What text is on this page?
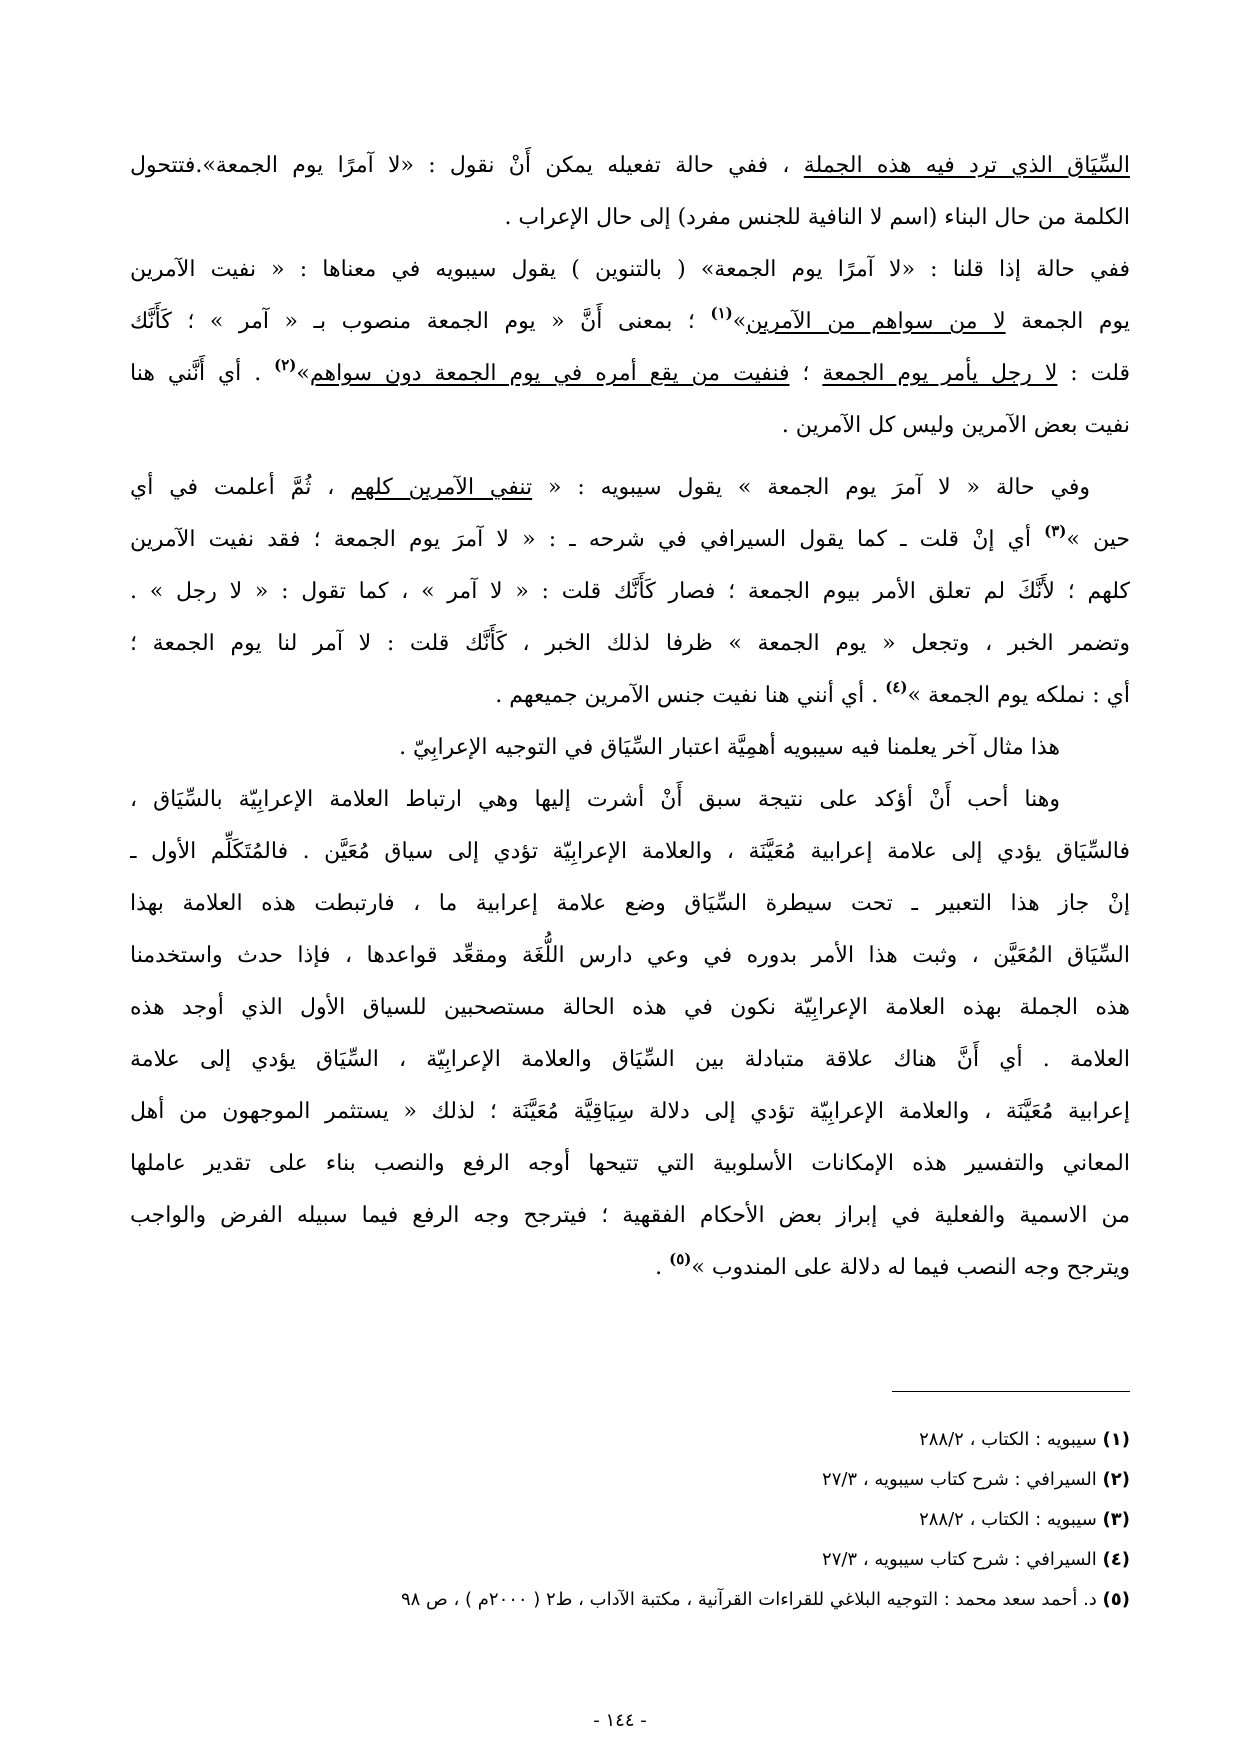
السِّيَاق الذي ترد فيه هذه الجملة ، ففي حالة تفعيله يمكن أَنْ نقول : «لا آمرًا يوم الجمعة».فتتحول
الكلمة من حال البناء (اسم لا النافية للجنس مفرد) إلى حال الإعراب .
ففي حالة إذا قلنا : «لا آمرًا يوم الجمعة» ( بالتنوين ) يقول سيبويه في معناها : « نفيت الآمرين
يوم الجمعة لا من سواهم من الآمرين»$^{(١)}$ ؛ بمعنى أَنَّ « يوم الجمعة منصوب بـ « آمر » ؛ كَأَنَّك
قلت : لا رجل يأمر يوم الجمعة ؛ فنفيت من يقع أمره في يوم الجمعة دون سواهم»$^{(٢)}$ . أي أَنَّني هنا
نفيت بعض الآمرين وليس كل الآمرين .
وفي حالة « لا آمرَ يوم الجمعة » يقول سيبويه : « تنفي الآمرين كلهم ، ثُمَّ أعلمت في أي
حين »$^{(٣)}$ أي إنْ قلت ـ كما يقول السيرافي في شرحه ـ : « لا آمرَ يوم الجمعة ؛ فقد نفيت الآمرين
كلهم ؛ لأَنَّكَ لم تعلق الأمر بيوم الجمعة ؛ فصار كَأَنَّك قلت : « لا آمر » ، كما تقول : « لا رجل » .
وتضمر الخبر ، وتجعل « يوم الجمعة » ظرفا لذلك الخبر ، كَأَنَّك قلت : لا آمر لنا يوم الجمعة ؛
أي : نملكه يوم الجمعة »$^{(٤)}$ . أي أنني هنا نفيت جنس الآمرين جميعهم .
هذا مثال آخر يعلمنا فيه سيبويه أهمِيَّة اعتبار السِّيَاق في التوجيه الإعرابِيّ .
وهنا أحب أَنْ أؤكد على نتيجة سبق أَنْ أشرت إليها وهي ارتباط العلامة الإعرابِيّة بالسِّيَاق ،
فالسِّيَاق يؤدي إلى علامة إعرابية مُعَيَّنَة ، والعلامة الإعرابِيّة تؤدي إلى سياق مُعَيَّن . فالمُتَكَلِّم الأول ـ
إنْ جاز هذا التعبير ـ تحت سيطرة السِّيَاق وضع علامة إعرابية ما ، فارتبطت هذه العلامة بهذا
السِّيَاق المُعَيَّن ، وثبت هذا الأمر بدوره في وعي دارس اللُّغَة ومقعِّد قواعدها ، فإذا حدث واستخدمنا
هذه الجملة بهذه العلامة الإعرابِيّة نكون في هذه الحالة مستصحبين للسياق الأول الذي أوجد هذه
العلامة . أي أَنَّ هناك علاقة متبادلة بين السِّيَاق والعلامة الإعرابِيّة ، السِّيَاق يؤدي إلى علامة
إعرابية مُعَيَّنَة ، والعلامة الإعرابِيّة تؤدي إلى دلالة سِيَاقِيَّة مُعَيَّنَة ؛ لذلك « يستثمر الموجهون من أهل
المعاني والتفسير هذه الإمكانات الأسلوبية التي تتيحها أوجه الرفع والنصب بناء على تقدير عاملها
من الاسمية والفعلية في إبراز بعض الأحكام الفقهية ؛ فيترجح وجه الرفع فيما سبيله الفرض والواجب
ويترجح وجه النصب فيما له دلالة على المندوب »$^{(٥)}$ .
(١) سيبويه : الكتاب ، ٢٨٨/٢
(٢) السيرافي : شرح كتاب سيبويه ، ٢٧/٣
(٣) سيبويه : الكتاب ، ٢٨٨/٢
(٤) السيرافي : شرح كتاب سيبويه ، ٢٧/٣
(٥) د. أحمد سعد محمد : التوجيه البلاغي للقراءات القرآنية ، مكتبة الآداب ، ط٢ ( ٢٠٠٠م ) ، ص ٩٨
- ١٤٤ -
